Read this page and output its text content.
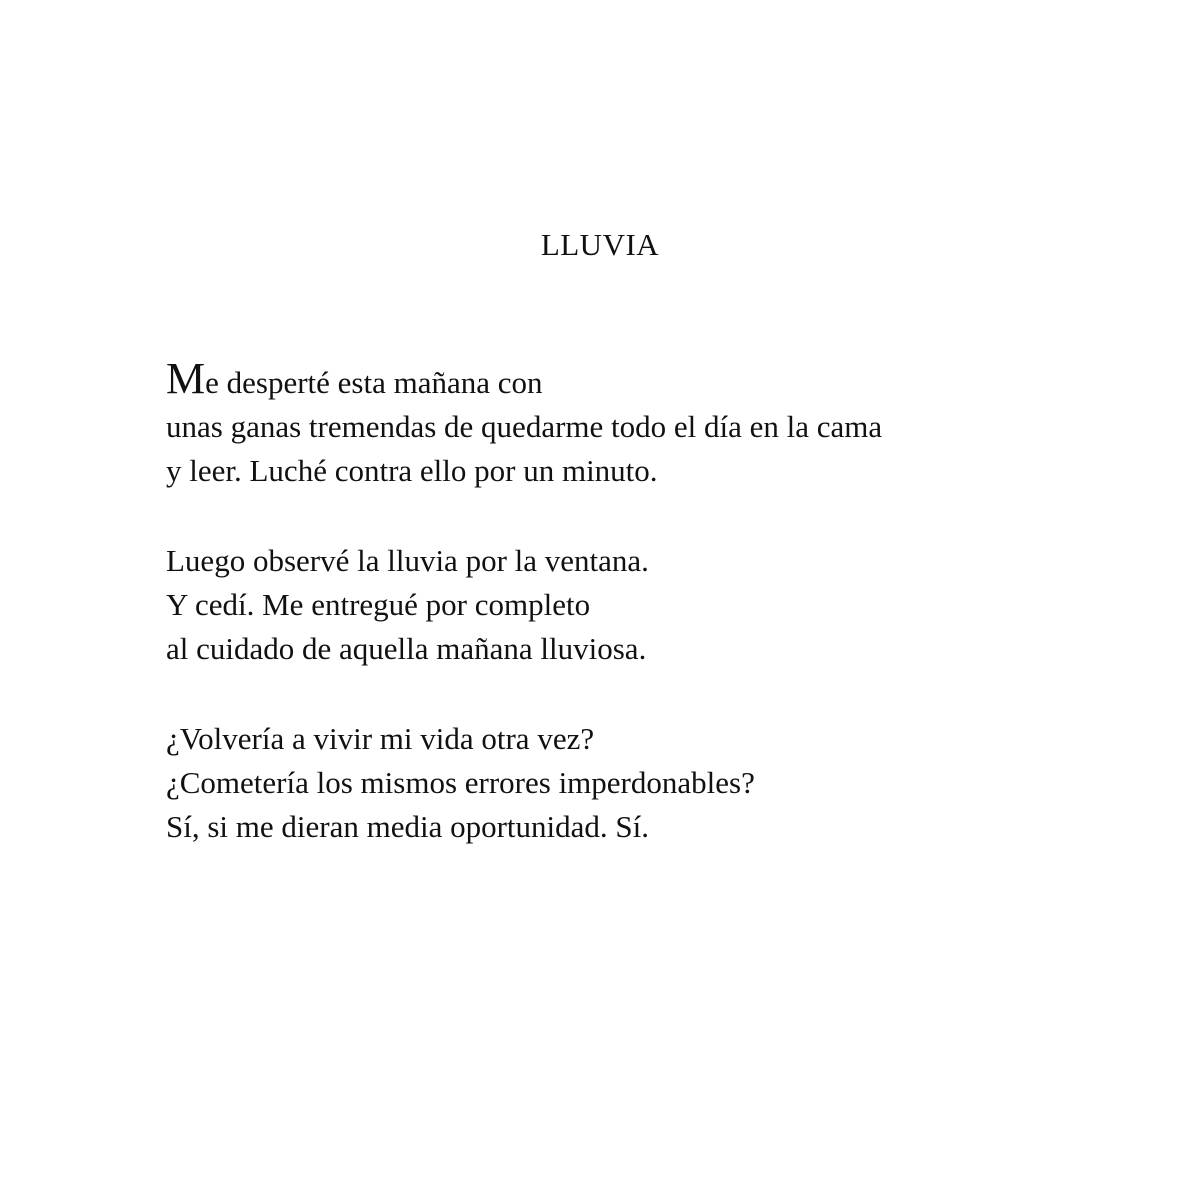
LLUVIA
Me desperté esta mañana con
unas ganas tremendas de quedarme todo el día en la cama
y leer. Luché contra ello por un minuto.
Luego observé la lluvia por la ventana.
Y cedí. Me entregué por completo
al cuidado de aquella mañana lluviosa.
¿Volvería a vivir mi vida otra vez?
¿Cometería los mismos errores imperdonables?
Sí, si me dieran media oportunidad. Sí.
